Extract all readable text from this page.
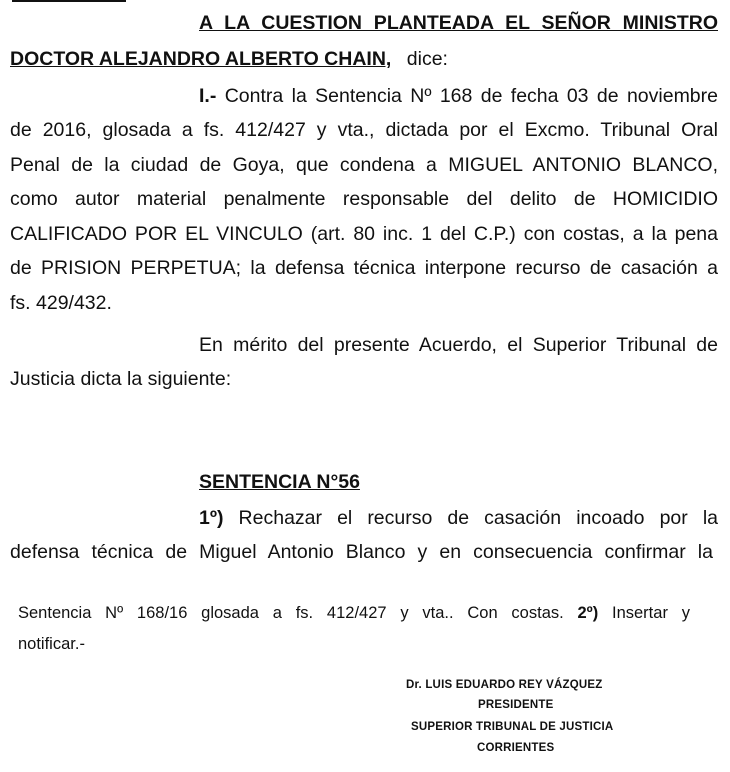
A LA CUESTION PLANTEADA EL SEÑOR MINISTRO
DOCTOR ALEJANDRO ALBERTO CHAIN, dice:
I.- Contra la Sentencia Nº 168 de fecha 03 de noviembre
de 2016, glosada a fs. 412/427 y vta., dictada por el Excmo. Tribunal Oral
Penal de la ciudad de Goya, que condena a MIGUEL ANTONIO BLANCO,
como autor material penalmente responsable del delito de HOMICIDIO
CALIFICADO POR EL VINCULO (art. 80 inc. 1 del C.P.) con costas, a la pena
de PRISION PERPETUA; la defensa técnica interpone recurso de casación a
fs. 429/432.
En mérito del presente Acuerdo, el Superior Tribunal de
Justicia dicta la siguiente:
SENTENCIA N°56
1º) Rechazar el recurso de casación incoado por la
defensa técnica de Miguel Antonio Blanco y en consecuencia confirmar la
Sentencia Nº 168/16 glosada a fs. 412/427 y vta.. Con costas. 2º) Insertar y
notificar.-
Dr. LUIS EDUARDO REY VÁZQUEZ
PRESIDENTE
SUPERIOR TRIBUNAL DE JUSTICIA
CORRIENTES
